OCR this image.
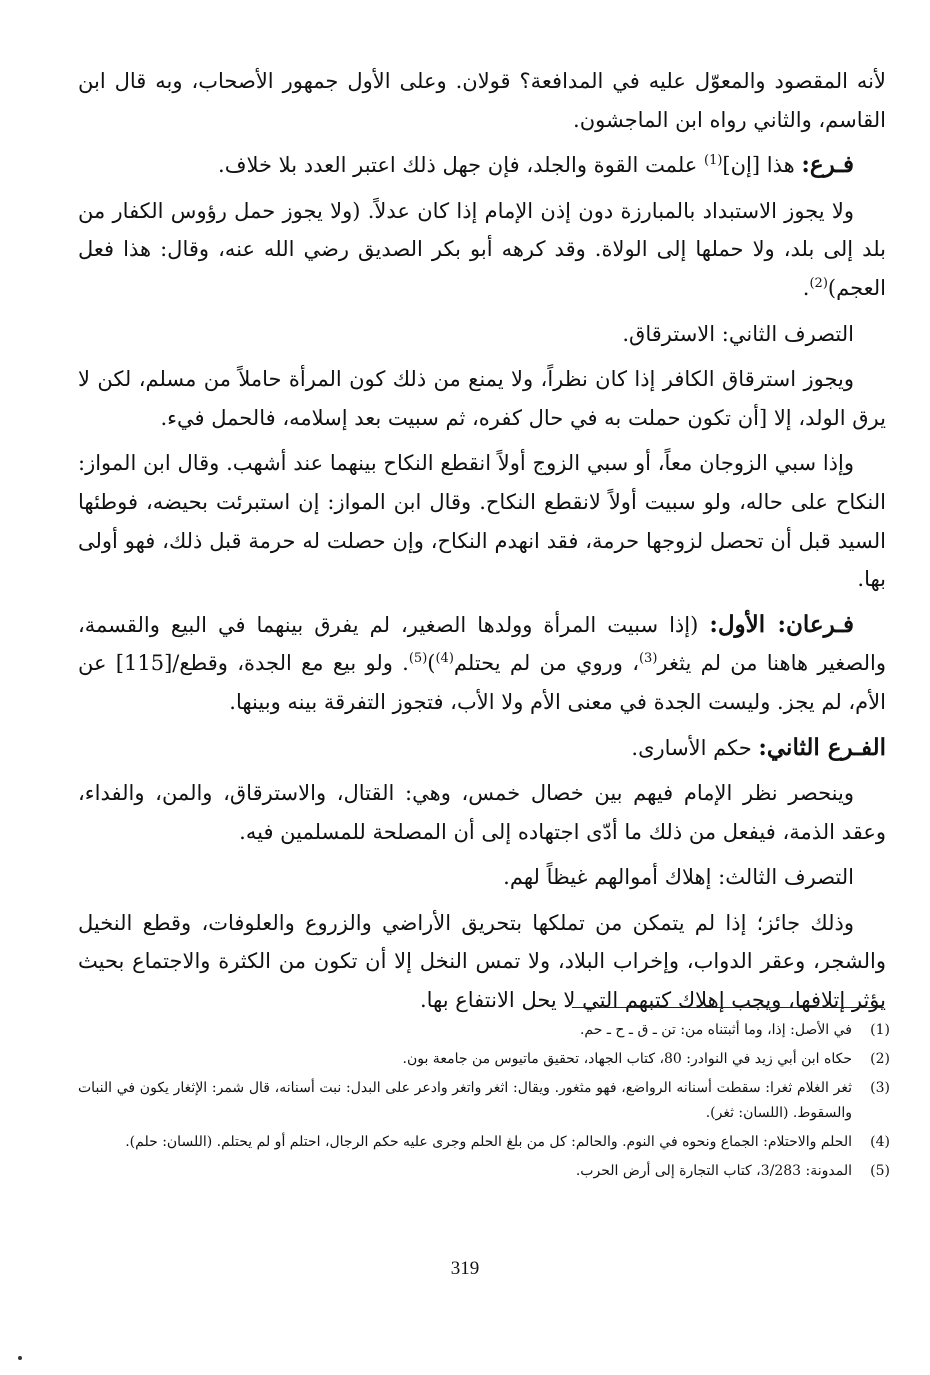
لأنه المقصود والمعوّل عليه في المدافعة؟ قولان. وعلى الأول جمهور الأصحاب، وبه قال ابن القاسم، والثاني رواه ابن الماجشون.

فـرع: هذا [إن]$^{(1)}$ علمت القوة والجلد، فإن جهل ذلك اعتبر العدد بلا خلاف.

ولا يجوز الاستبداد بالمبارزة دون إذن الإمام إذا كان عدلاً. (ولا يجوز حمل رؤوس الكفار من بلد إلى بلد، ولا حملها إلى الولاة. وقد كرهه أبو بكر الصديق رضي الله عنه، وقال: هذا فعل العجم)$^{(2)}$.

التصرف الثاني: الاسترقاق.

ويجوز استرقاق الكافر إذا كان نظراً، ولا يمنع من ذلك كون المرأة حاملاً من مسلم، لكن لا يرق الولد، إلا [أن تكون حملت به في حال كفره، ثم سبيت بعد إسلامه، فالحمل فيء.

وإذا سبي الزوجان معاً، أو سبي الزوج أولاً انقطع النكاح بينهما عند أشهب. وقال ابن المواز: النكاح على حاله، ولو سبيت أولاً لانقطع النكاح. وقال ابن المواز: إن استبرئت بحيضه، فوطئها السيد قبل أن تحصل لزوجها حرمة، فقد انهدم النكاح، وإن حصلت له حرمة قبل ذلك، فهو أولى بها.

فـرعان: الأول: (إذا سبيت المرأة وولدها الصغير، لم يفرق بينهما في البيع والقسمة، والصغير هاهنا من لم يثغر$^{(3)}$، وروي من لم يحتلم$^{(4)}$)$^{(5)}$. ولو بيع مع الجدة، وقطع/[115] عن الأم، لم يجز. وليست الجدة في معنى الأم ولا الأب، فتجوز التفرقة بينه وبينها.

الفـرع الثاني: حكم الأسارى.

وينحصر نظر الإمام فيهم بين خصال خمس، وهي: القتال، والاسترقاق، والمن، والفداء، وعقد الذمة، فيفعل من ذلك ما أدّى اجتهاده إلى أن المصلحة للمسلمين فيه.

التصرف الثالث: إهلاك أموالهم غيظاً لهم.

وذلك جائز؛ إذا لم يتمكن من تملكها بتحريق الأراضي والزروع والعلوفات، وقطع النخيل والشجر، وعقر الدواب، وإخراب البلاد، ولا تمس النخل إلا أن تكون من الكثرة والاجتماع بحيث يؤثر إتلافها، ويجب إهلاك كتبهم التي لا يحل الانتفاع بها.

(1)
في الأصل: إذا، وما أثبتناه من: تن ـ ق ـ ح ـ حم.
(2)
حكاه ابن أبي زيد في النوادر: 80، كتاب الجهاد، تحقيق ماتيوس من جامعة بون.
(3)
ثغر الغلام ثغرا: سقطت أسنانه الرواضع، فهو مثغور. ويقال: اثغر واتغر وادعر على البدل: نبت أسنانه، قال شمر: الإثغار يكون في النبات والسقوط. (اللسان: ثغر).
(4)
الحلم والاحتلام: الجماع ونحوه في النوم. والحالم: كل من بلغ الحلم وجرى عليه حكم الرجال، احتلم أو لم يحتلم. (اللسان: حلم).
(5)
المدونة: 3/283، كتاب التجارة إلى أرض الحرب.
319
